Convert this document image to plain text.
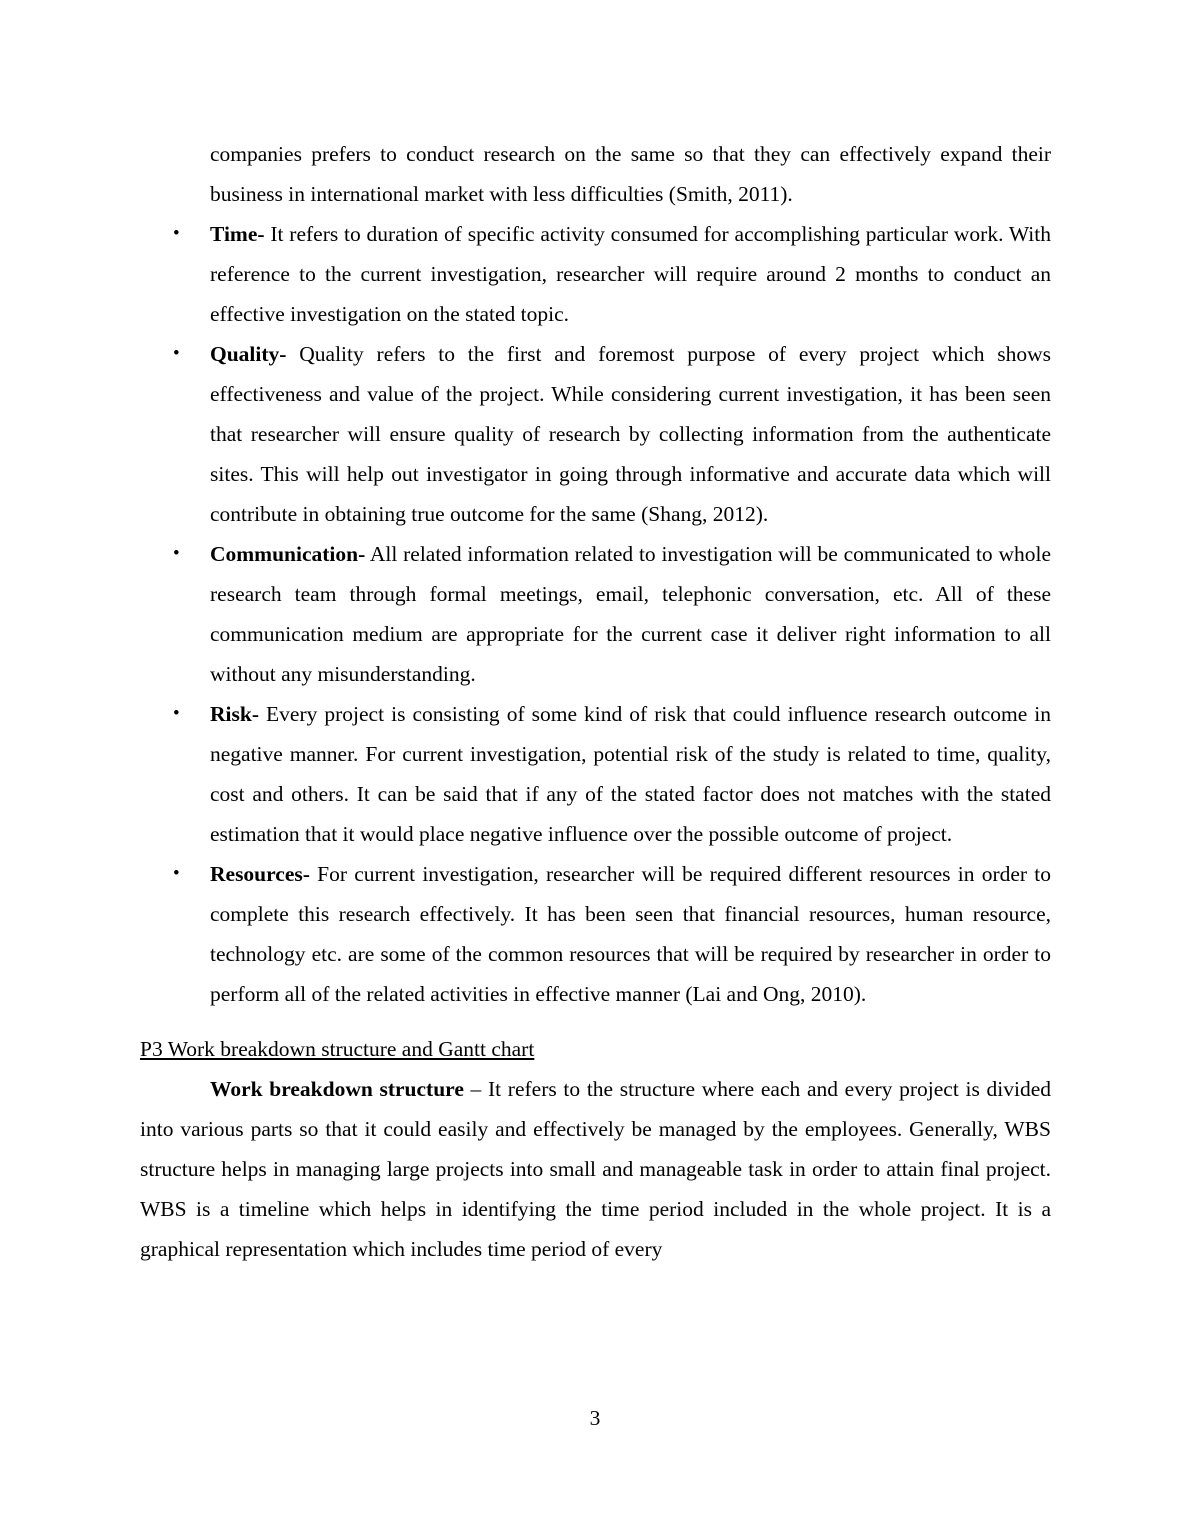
companies prefers to conduct research on the same so that they can effectively expand their business in international market with less difficulties (Smith, 2011).
• Time- It refers to duration of specific activity consumed for accomplishing particular work. With reference to the current investigation, researcher will require around 2 months to conduct an effective investigation on the stated topic.
• Quality- Quality refers to the first and foremost purpose of every project which shows effectiveness and value of the project. While considering current investigation, it has been seen that researcher will ensure quality of research by collecting information from the authenticate sites. This will help out investigator in going through informative and accurate data which will contribute in obtaining true outcome for the same (Shang, 2012).
• Communication- All related information related to investigation will be communicated to whole research team through formal meetings, email, telephonic conversation, etc. All of these communication medium are appropriate for the current case it deliver right information to all without any misunderstanding.
• Risk- Every project is consisting of some kind of risk that could influence research outcome in negative manner. For current investigation, potential risk of the study is related to time, quality, cost and others. It can be said that if any of the stated factor does not matches with the stated estimation that it would place negative influence over the possible outcome of project.
• Resources- For current investigation, researcher will be required different resources in order to complete this research effectively. It has been seen that financial resources, human resource, technology etc. are some of the common resources that will be required by researcher in order to perform all of the related activities in effective manner (Lai and Ong, 2010).
P3 Work breakdown structure and Gantt chart
Work breakdown structure – It refers to the structure where each and every project is divided into various parts so that it could easily and effectively be managed by the employees. Generally, WBS structure helps in managing large projects into small and manageable task in order to attain final project. WBS is a timeline which helps in identifying the time period included in the whole project. It is a graphical representation which includes time period of every
3
